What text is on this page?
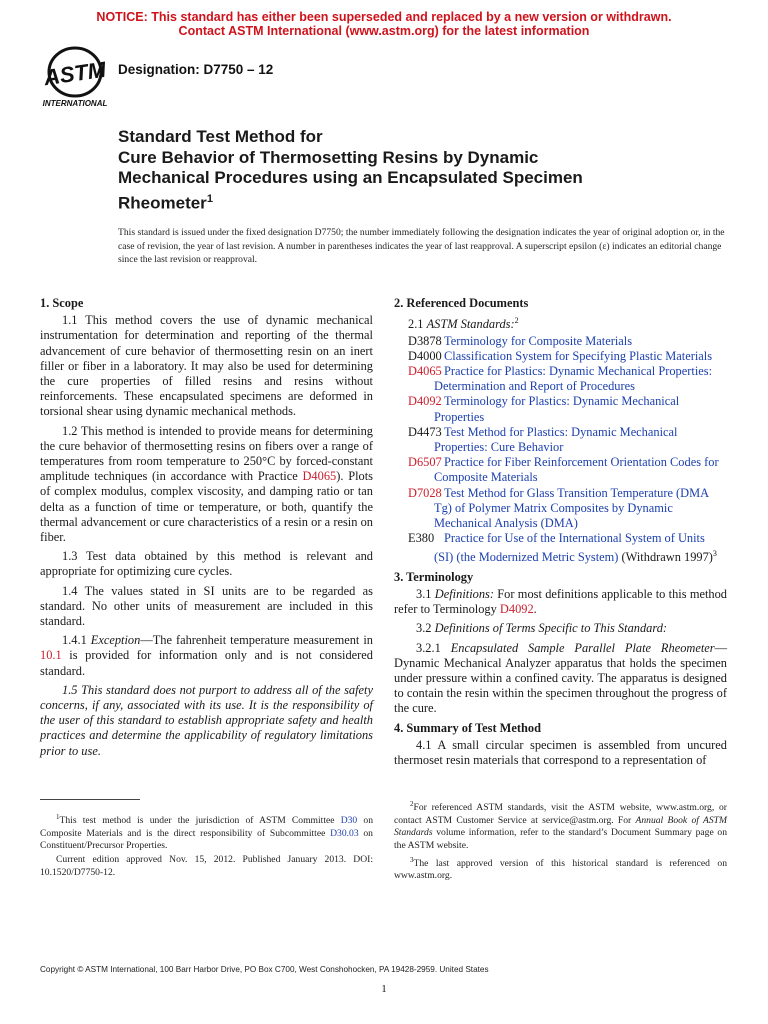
NOTICE: This standard has either been superseded and replaced by a new version or withdrawn.
Contact ASTM International (www.astm.org) for the latest information
ASTM
INTERNATIONAL
Designation: D7750 – 12
Standard Test Method for
Cure Behavior of Thermosetting Resins by Dynamic
Mechanical Procedures using an Encapsulated Specimen
Rheometer$^1$
This standard is issued under the fixed designation D7750; the number immediately following the designation indicates the year of original adoption or, in the case of revision, the year of last revision. A number in parentheses indicates the year of last reapproval. A superscript epsilon (ε) indicates an editorial change since the last revision or reapproval.

1. Scope

1.1 This method covers the use of dynamic mechanical instrumentation for determination and reporting of the thermal advancement of cure behavior of thermosetting resin on an inert filler or fiber in a laboratory. It may also be used for determining the cure properties of filled resins and resins without reinforcements. These encapsulated specimens are deformed in torsional shear using dynamic mechanical methods.

1.2 This method is intended to provide means for determining the cure behavior of thermosetting resins on fibers over a range of temperatures from room temperature to 250°C by forced-constant amplitude techniques (in accordance with Practice D4065). Plots of complex modulus, complex viscosity, and damping ratio or tan delta as a function of time or temperature, or both, quantify the thermal advancement or cure characteristics of a resin or a resin on fiber.

1.3 Test data obtained by this method is relevant and appropriate for optimizing cure cycles.

1.4 The values stated in SI units are to be regarded as standard. No other units of measurement are included in this standard.

1.4.1 Exception—The fahrenheit temperature measurement in 10.1 is provided for information only and is not considered standard.

1.5 This standard does not purport to address all of the safety concerns, if any, associated with its use. It is the responsibility of the user of this standard to establish appropriate safety and health practices and determine the applicability of regulatory limitations prior to use.

2. Referenced Documents

2.1 ASTM Standards:$^2$

D3878 Terminology for Composite Materials

D4000 Classification System for Specifying Plastic Materials

D4065 Practice for Plastics: Dynamic Mechanical Properties: Determination and Report of Procedures

D4092 Terminology for Plastics: Dynamic Mechanical Properties

D4473 Test Method for Plastics: Dynamic Mechanical Properties: Cure Behavior

D6507 Practice for Fiber Reinforcement Orientation Codes for Composite Materials

D7028 Test Method for Glass Transition Temperature (DMA Tg) of Polymer Matrix Composites by Dynamic Mechanical Analysis (DMA)

E380 Practice for Use of the International System of Units (SI) (the Modernized Metric System) (Withdrawn 1997)$^3$

3. Terminology

3.1 Definitions: For most definitions applicable to this method refer to Terminology D4092.

3.2 Definitions of Terms Specific to This Standard:

3.2.1 Encapsulated Sample Parallel Plate Rheometer—Dynamic Mechanical Analyzer apparatus that holds the specimen under pressure within a confined cavity. The apparatus is designed to contain the resin within the specimen throughout the progress of the cure.

4. Summary of Test Method

4.1 A small circular specimen is assembled from uncured thermoset resin materials that correspond to a representation of

$^1$This test method is under the jurisdiction of ASTM Committee D30 on Composite Materials and is the direct responsibility of Subcommittee D30.03 on Constituent/Precursor Properties.

Current edition approved Nov. 15, 2012. Published January 2013. DOI: 10.1520/D7750-12.

$^2$For referenced ASTM standards, visit the ASTM website, www.astm.org, or contact ASTM Customer Service at service@astm.org. For Annual Book of ASTM Standards volume information, refer to the standard’s Document Summary page on the ASTM website.

$^3$The last approved version of this historical standard is referenced on www.astm.org.

Copyright © ASTM International, 100 Barr Harbor Drive, PO Box C700, West Conshohocken, PA 19428-2959. United States
1
